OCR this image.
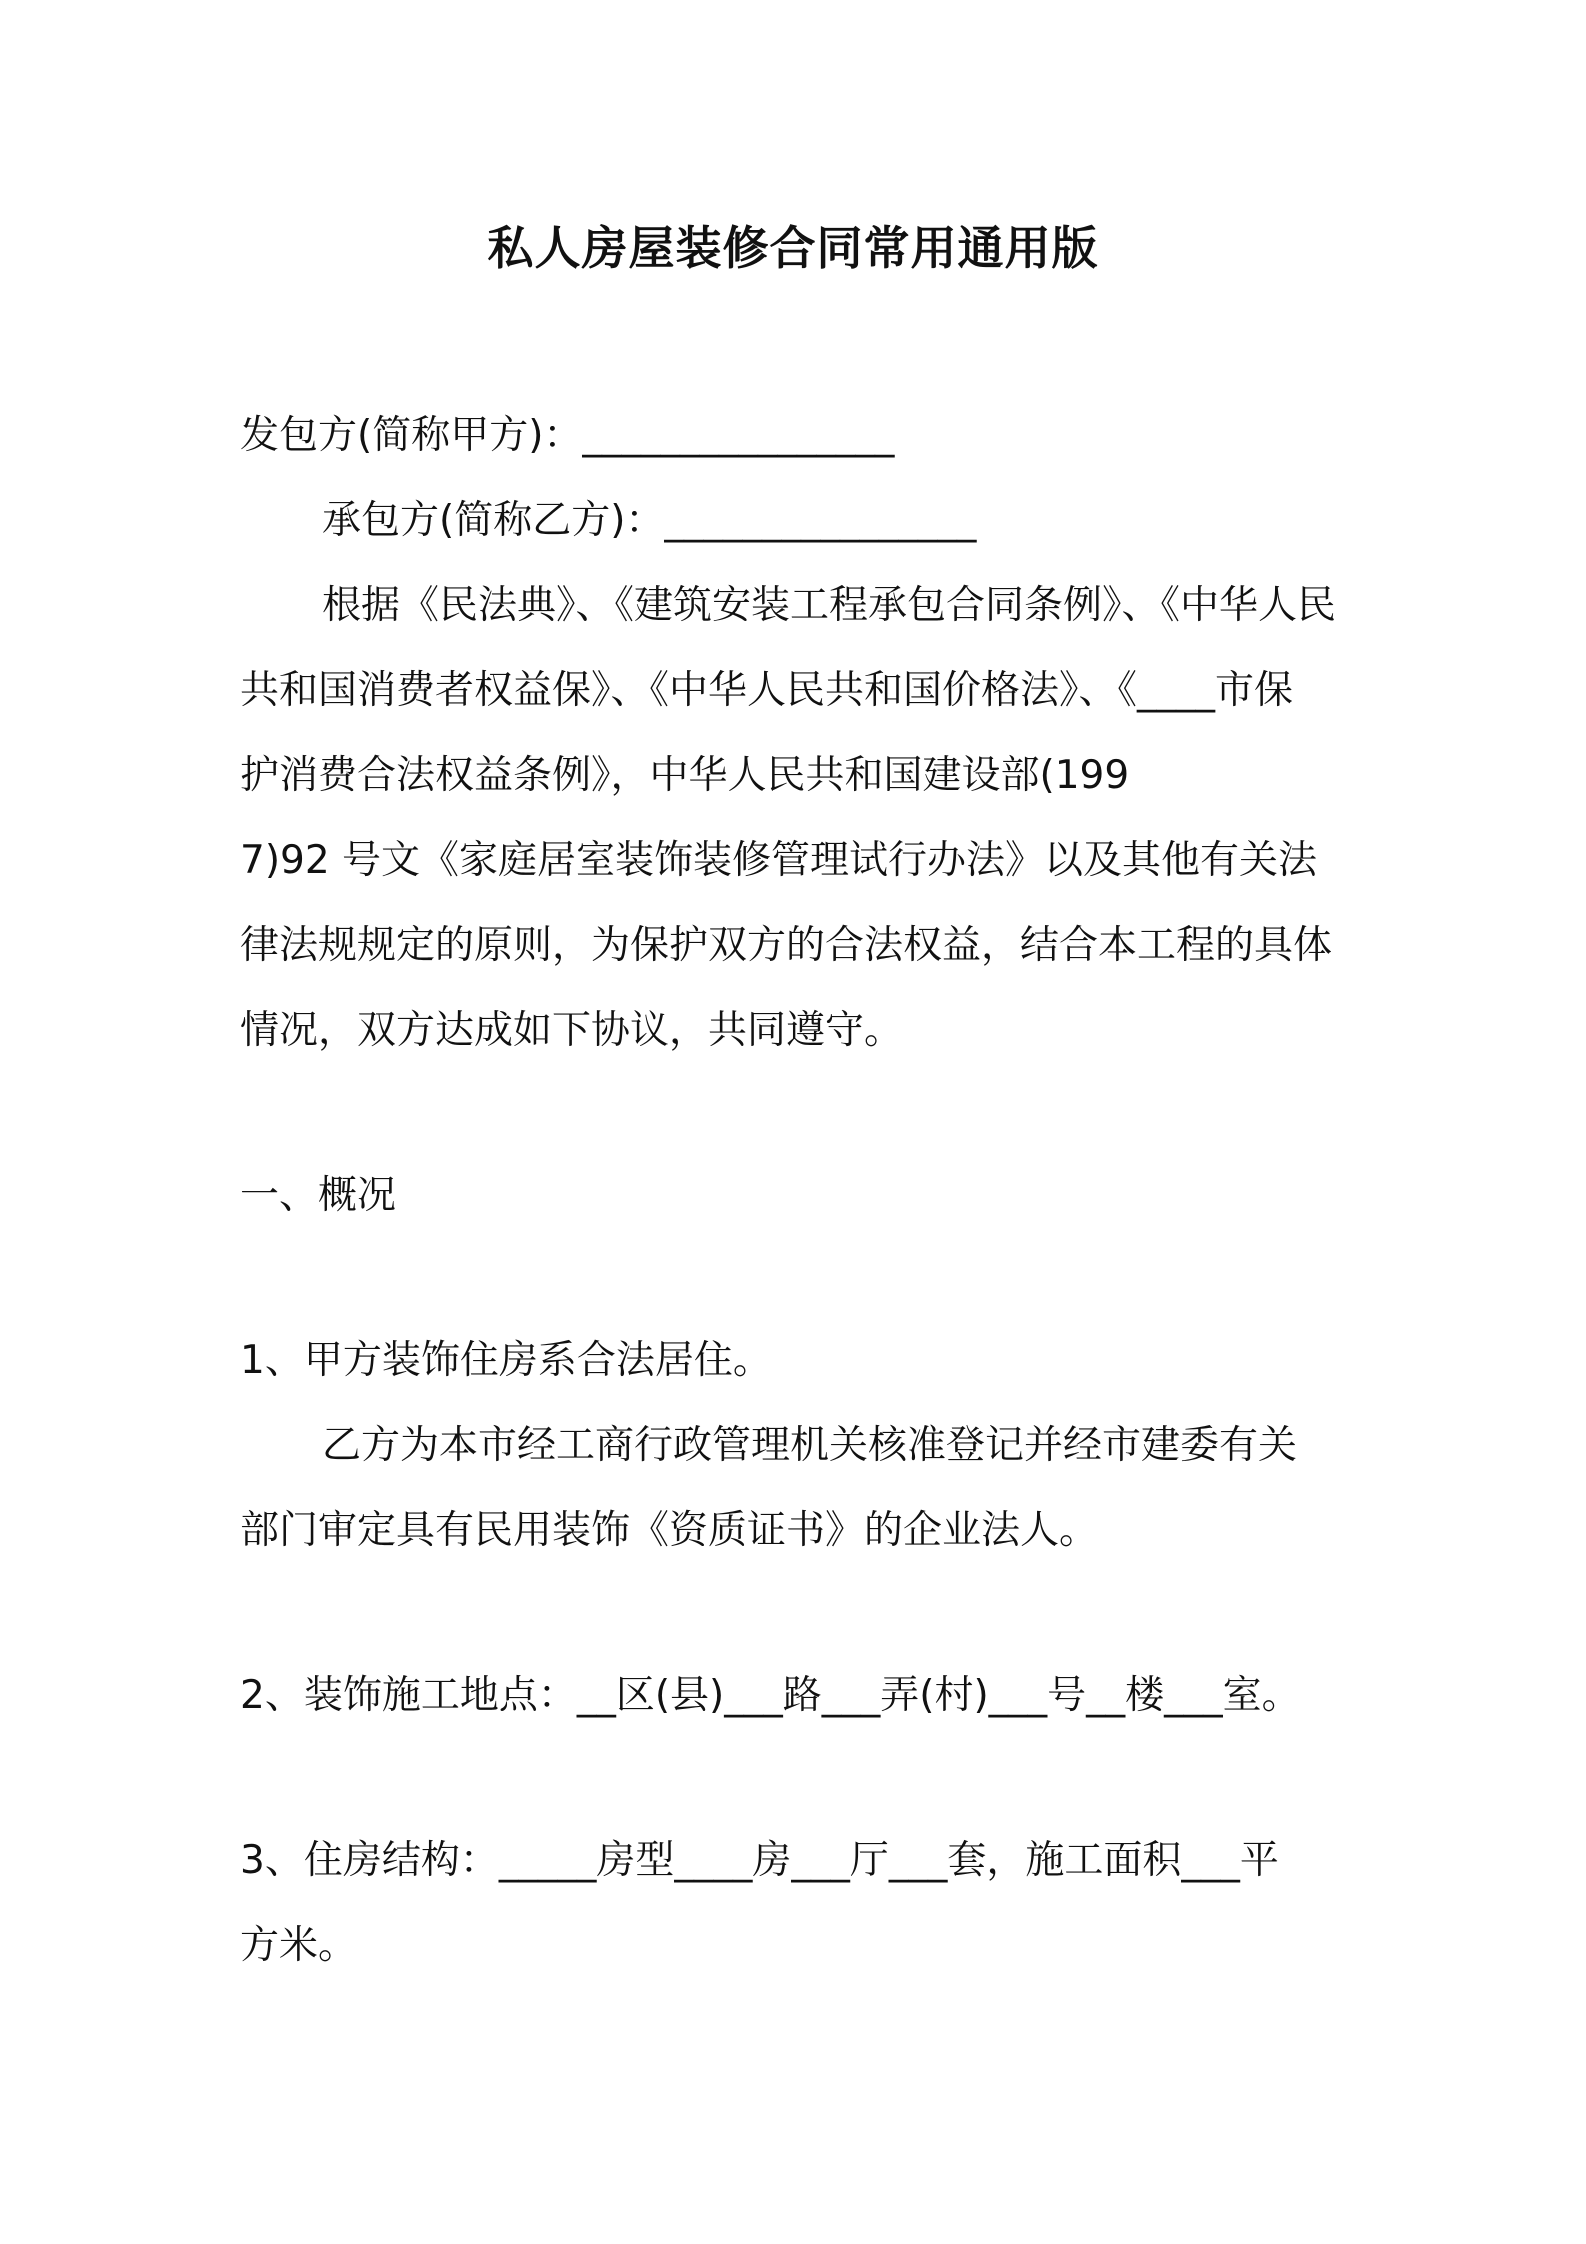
私人房屋装修合同常用通用版
发包方(简称甲方)：________________
承包方(简称乙方)：________________
根据《民法典》、《建筑安装工程承包合同条例》、《中华人民
共和国消费者权益保》、《中华人民共和国价格法》、《____市保
护消费合法权益条例》，中华人民共和国建设部(199
7)92 号文《家庭居室装饰装修管理试行办法》以及其他有关法
律法规规定的原则，为保护双方的合法权益，结合本工程的具体
情况，双方达成如下协议，共同遵守。
一、概况
1、甲方装饰住房系合法居住。
乙方为本市经工商行政管理机关核准登记并经市建委有关
部门审定具有民用装饰《资质证书》的企业法人。
2、装饰施工地点：__区(县)___路___弄(村)___号__楼___室。
3、住房结构：_____房型____房___厅___套，施工面积___平
方米。
